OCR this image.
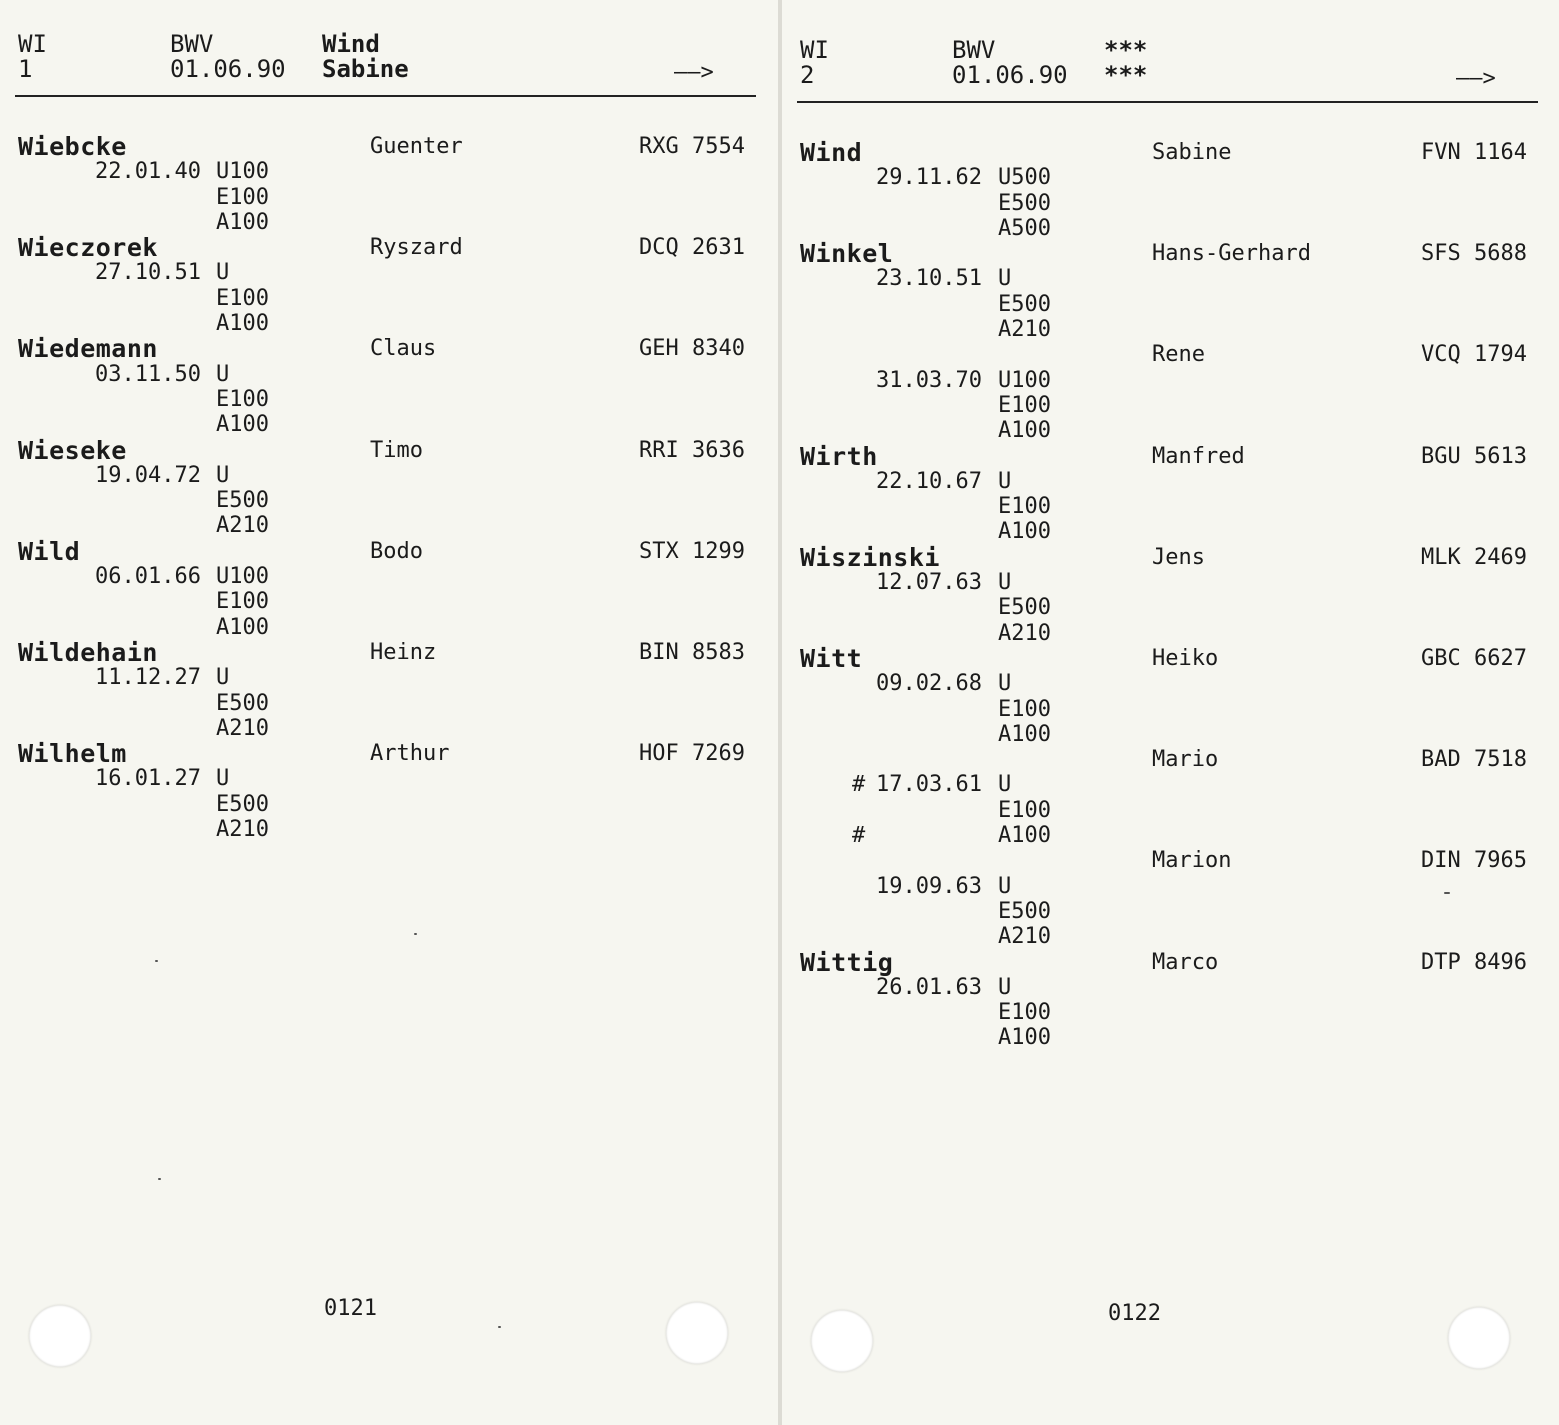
WI
1
BWV
01.06.90
Wind
Sabine	——>
Wiebcke	Guenter	RXG 7554
22.01.40 U100
E100
A100
Wieczorek	Ryszard	DCQ 2631
27.10.51 U
E100
A100
Wiedemann	Claus	GEH 8340
03.11.50 U
E100
A100
Wieseke	Timo	RRI 3636
19.04.72 U
E500
A210
Wild	Bodo	STX 1299
06.01.66 U100
E100
A100
Wildehain	Heinz	BIN 8583
11.12.27 U
E500
A210
Wilhelm	Arthur	HOF 7269
16.01.27 U
E500
A210
0121
WI
2
BWV
01.06.90
***
***	——>
Wind	Sabine	FVN 1164
29.11.62 U500
E500
A500
Winkel	Hans-Gerhard	SFS 5688
23.10.51 U
E500
A210
Rene	VCQ 1794
31.03.70 U100
E100
A100
Wirth	Manfred	BGU 5613
22.10.67 U
E100
A100
Wiszinski	Jens	MLK 2469
12.07.63 U
E500
A210
Witt	Heiko	GBC 6627
09.02.68 U
E100
A100
Mario	BAD 7518
# 17.03.61 U
E100
#	A100
Marion	DIN 7965
19.09.63 U
E500
A210
Wittig	Marco	DTP 8496
26.01.63 U
E100
A100
0122
